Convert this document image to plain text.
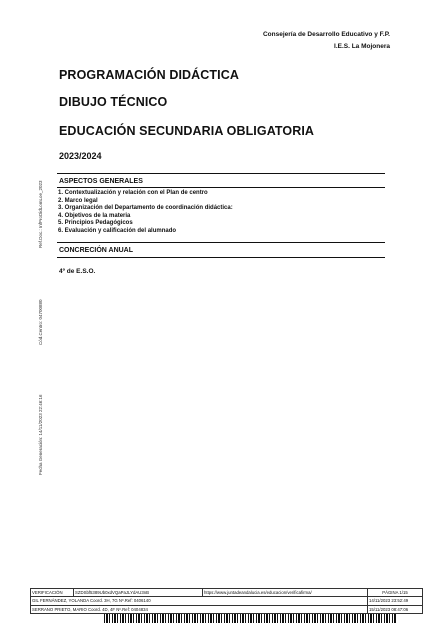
Consejería de Desarrollo Educativo y F.P.
I.E.S. La Mojonera
PROGRAMACIÓN DIDÁCTICA
DIBUJO TÉCNICO
EDUCACIÓN SECUNDARIA OBLIGATORIA
2023/2024
ASPECTOS GENERALES
1. Contextualización y relación con el Plan de centro
2. Marco legal
3. Organización del Departamento de coordinación didáctica:
4. Objetivos de la materia
5. Principios Pedagógicos
6. Evaluación y calificación del alumnado
CONCRECIÓN ANUAL
4º de E.S.O.
Ref.Doc.: InfProDidLomLoe_2023
Cód.Centro: 04700880
Fecha Generación: 14/11/2023 22:46:16
VERIFICACIÓN	SZDSbf5389Ub0xdVQaPaJLYdAU3nB	https://www.juntadeandalucia.es/educacion/verificafirma/	PÁGINA 1/15
GIL FERNÁNDEZ, YOLANDA Coord. 3H, 7G Nº.Ref: 0406140			14/11/2023 23:52:49
SERRANO PRIETO, MARIO Coord. 4D, 4F Nº.Ref: 0404834			15/11/2023 08:47:06
